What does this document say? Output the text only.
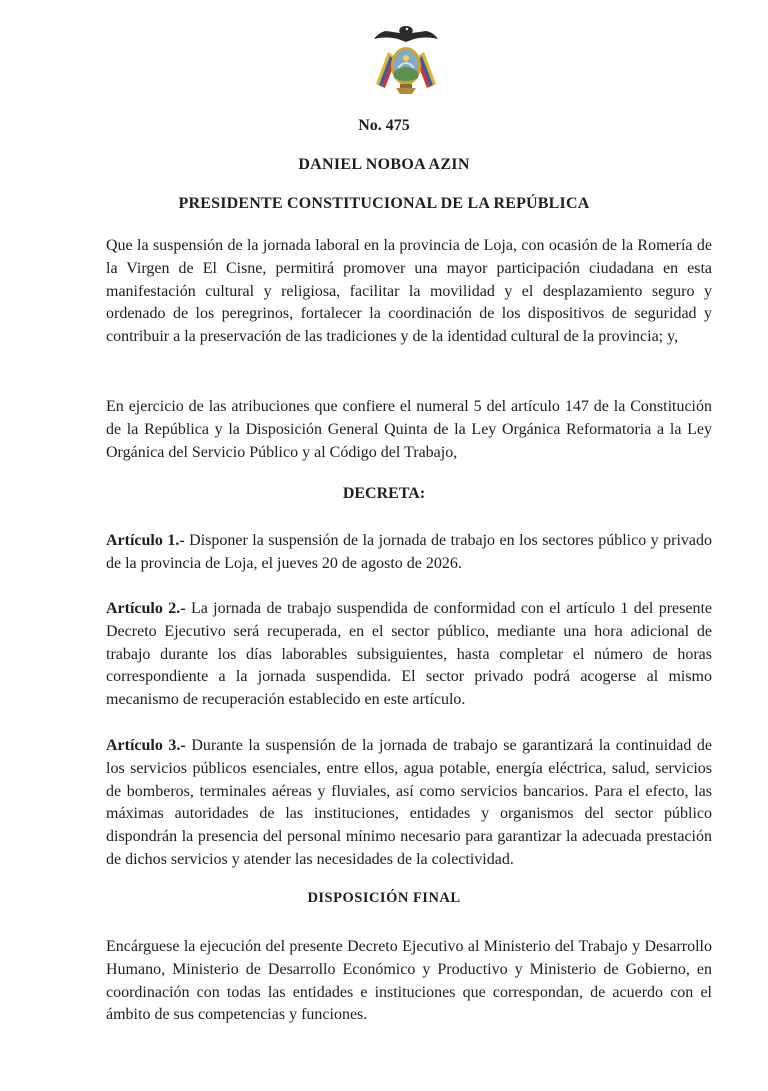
No. 475
DANIEL NOBOA AZIN
PRESIDENTE CONSTITUCIONAL DE LA REPÚBLICA

Que la suspensión de la jornada laboral en la provincia de Loja, con ocasión de la Romería de la Virgen de El Cisne, permitirá promover una mayor participación ciudadana en esta manifestación cultural y religiosa, facilitar la movilidad y el desplazamiento seguro y ordenado de los peregrinos, fortalecer la coordinación de los dispositivos de seguridad y contribuir a la preservación de las tradiciones y de la identidad cultural de la provincia; y,

En ejercicio de las atribuciones que confiere el numeral 5 del artículo 147 de la Constitución de la República y la Disposición General Quinta de la Ley Orgánica Reformatoria a la Ley Orgánica del Servicio Público y al Código del Trabajo,

DECRETA:

Artículo 1.- Disponer la suspensión de la jornada de trabajo en los sectores público y privado de la provincia de Loja, el jueves 20 de agosto de 2026.

Artículo 2.- La jornada de trabajo suspendida de conformidad con el artículo 1 del presente Decreto Ejecutivo será recuperada, en el sector público, mediante una hora adicional de trabajo durante los días laborables subsiguientes, hasta completar el número de horas correspondiente a la jornada suspendida. El sector privado podrá acogerse al mismo mecanismo de recuperación establecido en este artículo.

Artículo 3.- Durante la suspensión de la jornada de trabajo se garantizará la continuidad de los servicios públicos esenciales, entre ellos, agua potable, energía eléctrica, salud, servicios de bomberos, terminales aéreas y fluviales, así como servicios bancarios. Para el efecto, las máximas autoridades de las instituciones, entidades y organismos del sector público dispondrán la presencia del personal mínimo necesario para garantizar la adecuada prestación de dichos servicios y atender las necesidades de la colectividad.

DISPOSICIÓN FINAL

Encárguese la ejecución del presente Decreto Ejecutivo al Ministerio del Trabajo y Desarrollo Humano, Ministerio de Desarrollo Económico y Productivo y Ministerio de Gobierno, en coordinación con todas las entidades e instituciones que correspondan, de acuerdo con el ámbito de sus competencias y funciones.
